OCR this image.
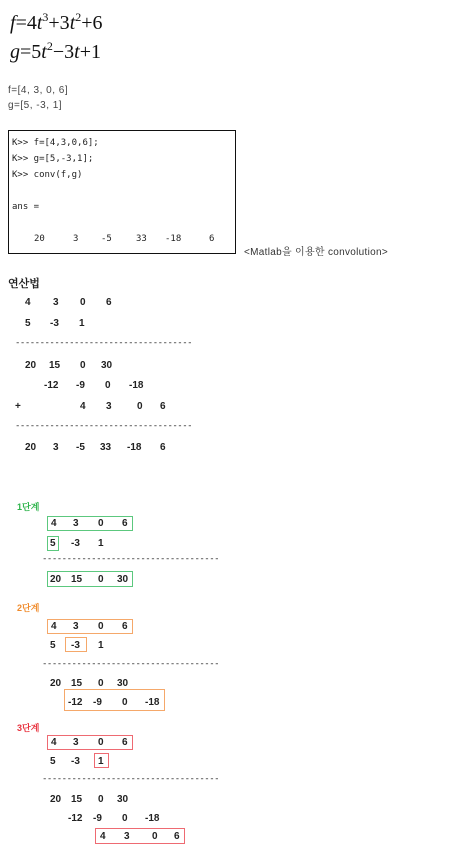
$f=4t^3+3t^2+6$
$g=5t^2-3t+1$
f=[4, 3, 0, 6]
g=[5, -3, 1]
K>> f=[4,3,0,6];
K>> g=[5,-3,1];
K>> conv(f,g)
ans =
20	3	-5	33 -18	6
<Matlab을 이용한 convolution>
연산법
4 3 0 6
5 -3 1
------------------------------------
20 15 0 30
-12 -9 0 -18
+	4 3	0 6
------------------------------------
20 3 -5 33 -18 6
1단계
4 3 0 6
5 -3 1
------------------------------------
20 15 0 30
2단계
4 3 0 6
5 -3 1
------------------------------------
20 15 0 30
-12 -9 0 -18
3단계
4 3 0 6
5 -3 1
------------------------------------
20 15 0 30
-12 -9 0 -18
4 3 0 6
